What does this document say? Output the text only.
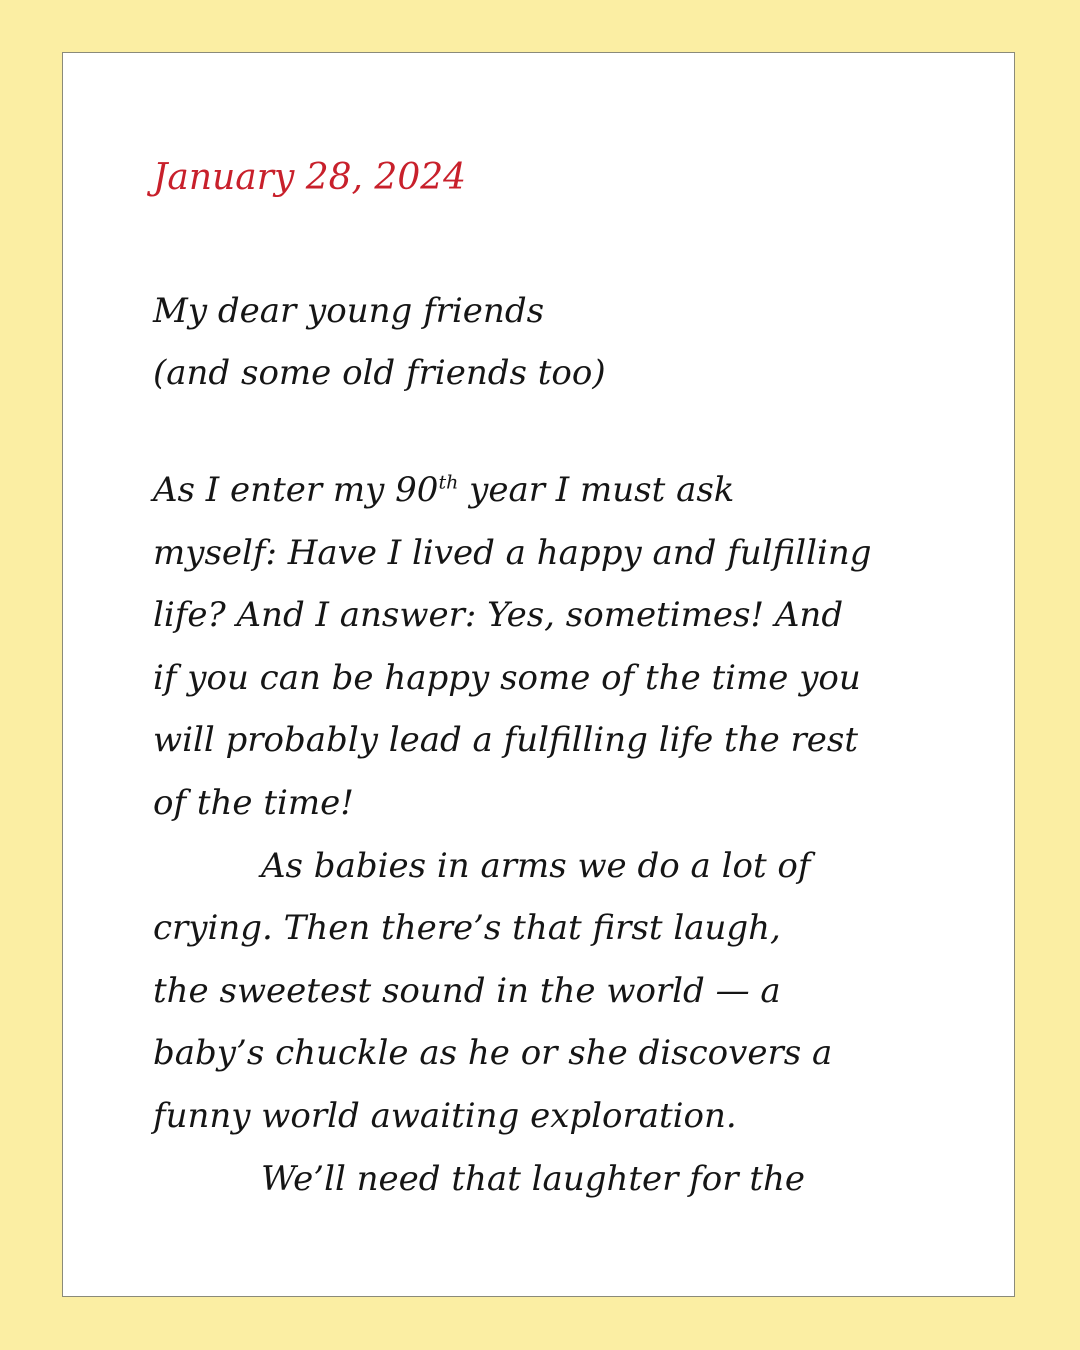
January 28, 2024
My dear young friends
(and some old friends too)
As I enter my 90th year I must ask
myself: Have I lived a happy and fulfilling
life? And I answer: Yes, sometimes! And
if you can be happy some of the time you
will probably lead a fulfilling life the rest
of the time!
As babies in arms we do a lot of
crying. Then there’s that first laugh,
the sweetest sound in the world — a
baby’s chuckle as he or she discovers a
funny world awaiting exploration.
We’ll need that laughter for the
